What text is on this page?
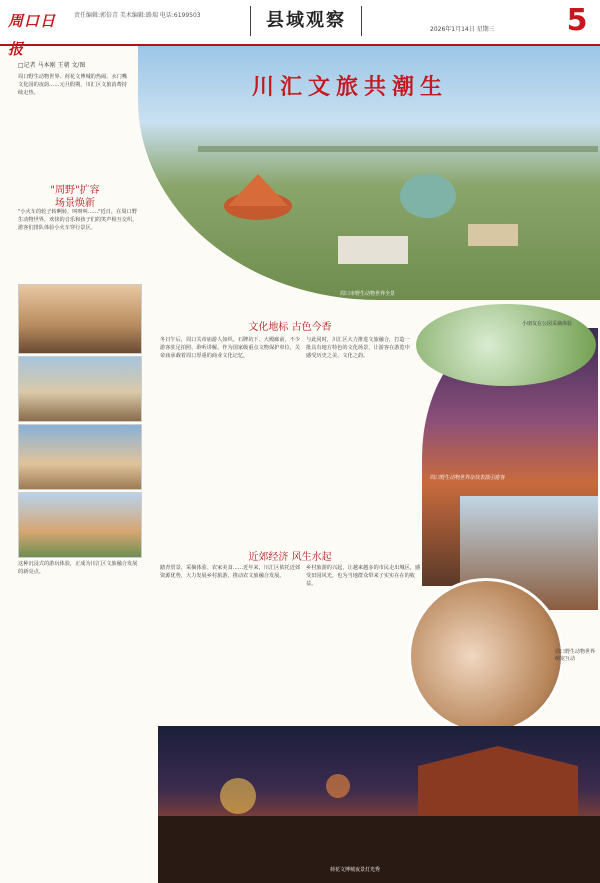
周口日报
责任编辑:郭倍青 美术编辑:路瑞 电话:6199503	县域观察	2026年1月14日 星期三 5
川汇文旅共潮生
周口市野生动物世界全景
□记者 马本刚 王朝 文/图
周口野生动物世界、荷花文博城的热闹、水门嘴文化园的夜韵……元旦假期，川汇区文旅消费持续走热。
"周野"扩容
场景焕新
"小火车的轮子转啊转，叫呀叫……"近日，在周口野生动物世界，欢快的音乐和孩子们的笑声相互交织，游客们排队体验小火车穿行景区。
这种沉浸式的游玩体验，正成为川汇区文旅融合发展的新亮点。
文化地标 古色今香
冬日午后，周口关帝庙游人如织。石牌坊下、大殿廊前，不少游客驻足拍照、聆听讲解。作为国家级重点文物保护单位，关帝庙承载着周口厚重的商业文化记忆。
与此同时，川汇区大力推进文旅融合，打造一批具有地方特色的文化场景，让游客在游览中感受历史之美、文化之韵。
近郊经济 风生水起
踏青赏景、采摘体验、农家美食……近年来，川汇区依托近郊资源优势，大力发展乡村旅游，推动农文旅融合发展。
乡村旅游的兴起，让越来越多的市民走出城区，感受田园风光，也为当地群众带来了实实在在的收益。
小朋友在公园采摘体验
周口野生动物世界杂技表演引游客
周口野生动物世界萌宠互动
荷花文博城夜景灯光秀
